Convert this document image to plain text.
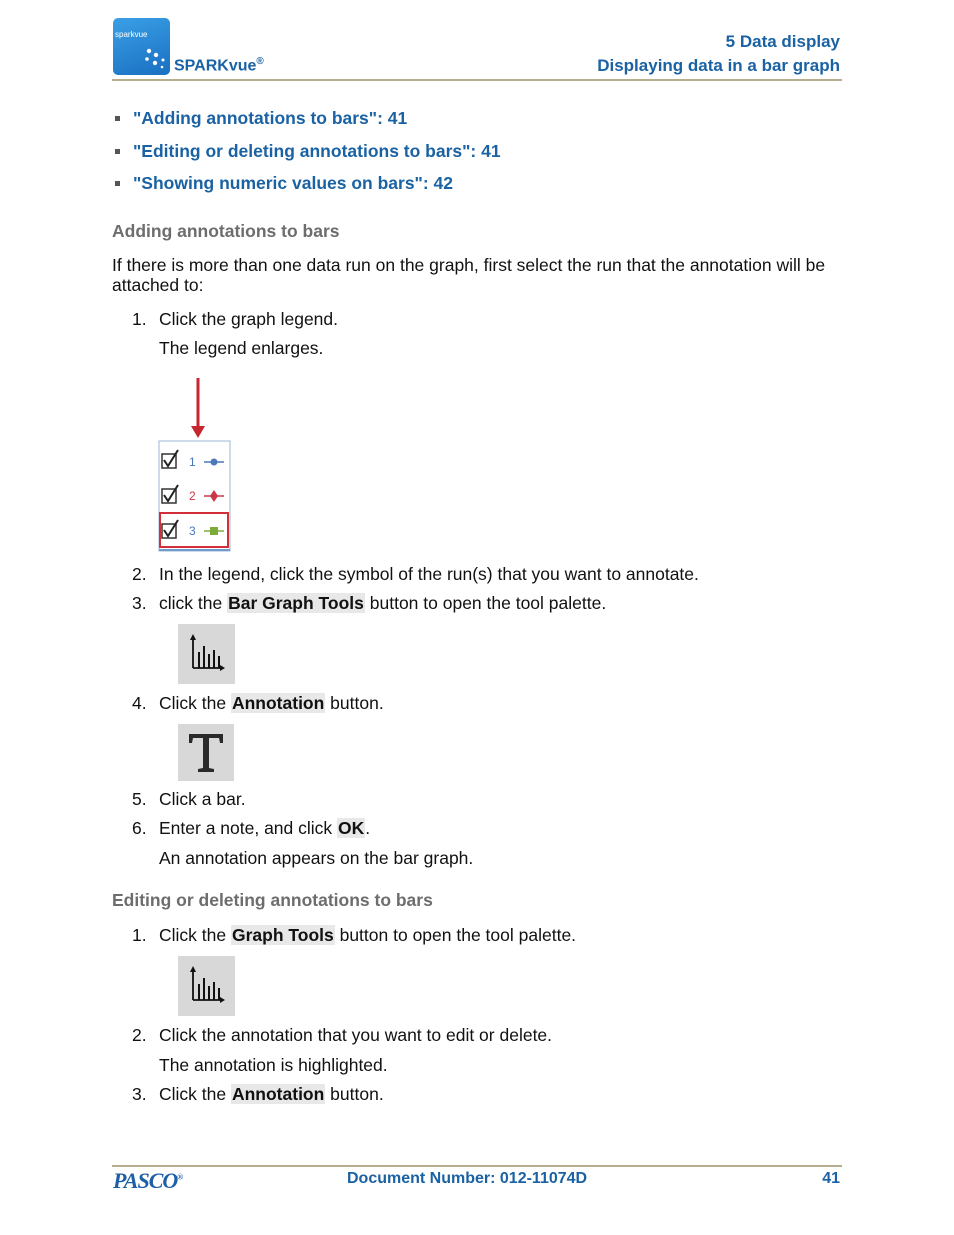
sparkvue
SPARKvue®
5 Data display
Displaying data in a bar graph
"Adding annotations to bars": 41
"Editing or deleting annotations to bars": 41
"Showing numeric values on bars": 42
Adding annotations to bars
If there is more than one data run on the graph, first select the run that the annotation will be attached to:
1. Click the graph legend.
The legend enlarges.
1
2
3
2. In the legend, click the symbol of the run(s) that you want to annotate.
3. click the Bar Graph Tools button to open the tool palette.
4. Click the Annotation button.
5. Click a bar.
6. Enter a note, and click OK.
An annotation appears on the bar graph.
Editing or deleting annotations to bars
1. Click the Graph Tools button to open the tool palette.
2. Click the annotation that you want to edit or delete.
The annotation is highlighted.
3. Click the Annotation button.
PASCO®	Document Number: 012-11074D	41
